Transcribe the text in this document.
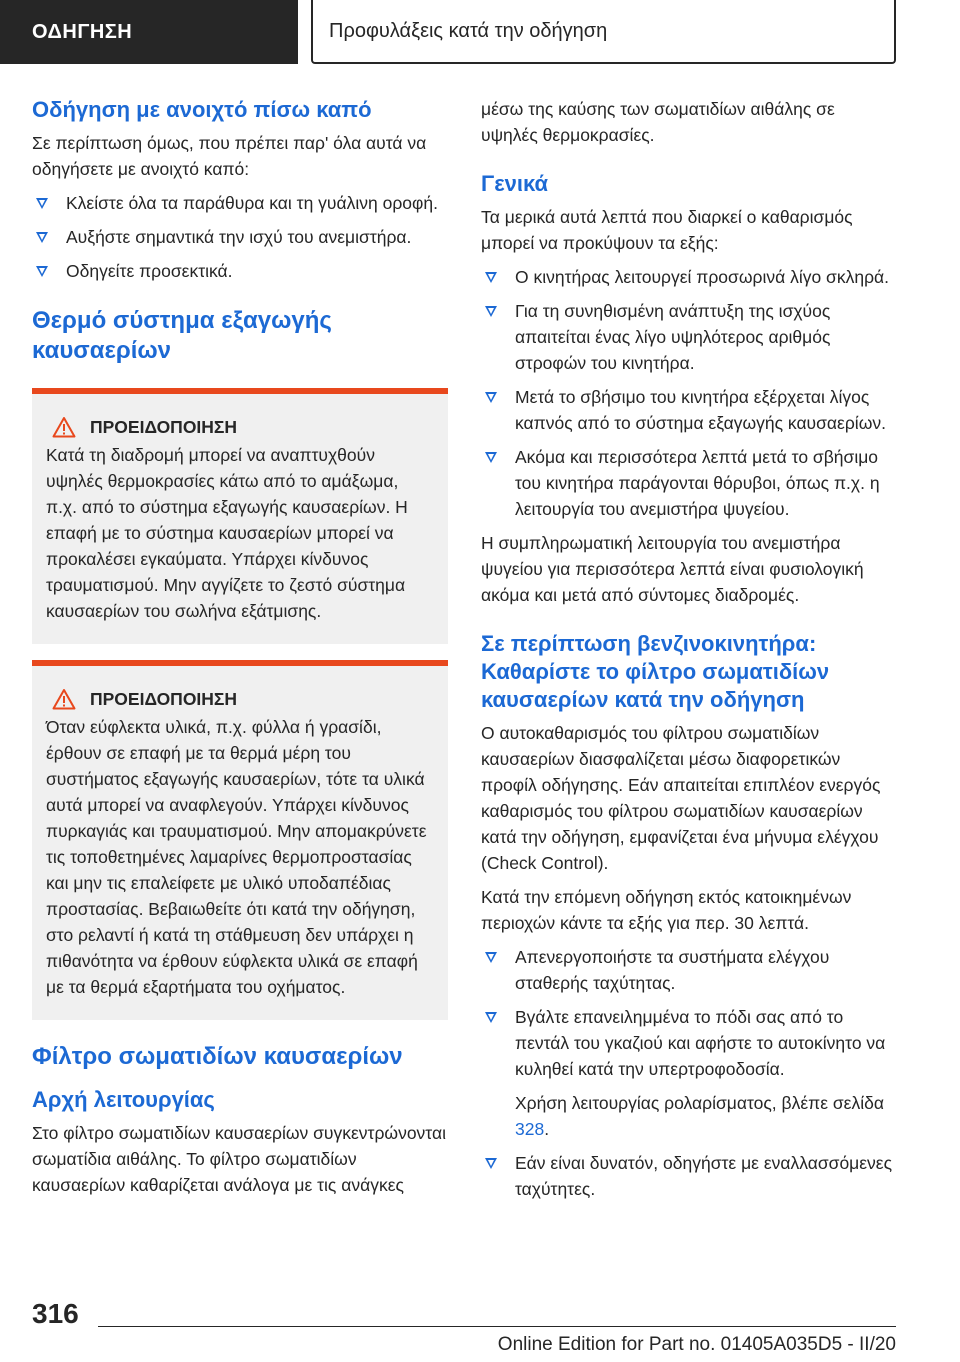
ΟΔΗΓΗΣΗ	Προφυλάξεις κατά την οδήγηση
Οδήγηση με ανοιχτό πίσω καπό

Σε περίπτωση όμως, που πρέπει παρ' όλα αυτά να οδηγήσετε με ανοιχτό καπό:

Κλείστε όλα τα παράθυρα και τη γυάλινη οροφή.
Αυξήστε σημαντικά την ισχύ του ανεμιστήρα.
Οδηγείτε προσεκτικά.
Θερμό σύστημα εξαγωγής καυσαερίων
ΠΡΟΕΙΔΟΠΟΙΗΣΗ

Κατά τη διαδρομή μπορεί να αναπτυχθούν υψηλές θερμοκρασίες κάτω από το αμάξωμα, π.χ. από το σύστημα εξαγωγής καυσαερίων. Η επαφή με το σύστημα καυσαερίων μπορεί να προκαλέσει εγκαύματα. Υπάρχει κίνδυνος τραυματισμού. Μην αγγίζετε το ζεστό σύστημα καυσαερίων του σωλήνα εξάτμισης.

ΠΡΟΕΙΔΟΠΟΙΗΣΗ

Όταν εύφλεκτα υλικά, π.χ. φύλλα ή γρασίδι, έρθουν σε επαφή με τα θερμά μέρη του συστήματος εξαγωγής καυσαερίων, τότε τα υλικά αυτά μπορεί να αναφλεγούν. Υπάρχει κίνδυνος πυρκαγιάς και τραυματισμού. Μην απομακρύνετε τις τοποθετημένες λαμαρίνες θερμοπροστασίας και μην τις επαλείφετε με υλικό υποδαπέδιας προστασίας. Βεβαιωθείτε ότι κατά την οδήγηση, στο ρελαντί ή κατά τη στάθμευση δεν υπάρχει η πιθανότητα να έρθουν εύφλεκτα υλικά σε επαφή με τα θερμά εξαρτήματα του οχήματος.

Φίλτρο σωματιδίων καυσαερίων
Αρχή λειτουργίας

Στο φίλτρο σωματιδίων καυσαερίων συγκεντρώνονται σωματίδια αιθάλης. Το φίλτρο σωματιδίων καυσαερίων καθαρίζεται ανάλογα με τις ανάγκες

μέσω της καύσης των σωματιδίων αιθάλης σε υψηλές θερμοκρασίες.

Γενικά

Τα μερικά αυτά λεπτά που διαρκεί ο καθαρισμός μπορεί να προκύψουν τα εξής:

Ο κινητήρας λειτουργεί προσωρινά λίγο σκληρά.
Για τη συνηθισμένη ανάπτυξη της ισχύος απαιτείται ένας λίγο υψηλότερος αριθμός στροφών του κινητήρα.
Μετά το σβήσιμο του κινητήρα εξέρχεται λίγος καπνός από το σύστημα εξαγωγής καυσαερίων.
Ακόμα και περισσότερα λεπτά μετά το σβήσιμο του κινητήρα παράγονται θόρυβοι, όπως π.χ. η λειτουργία του ανεμιστήρα ψυγείου.

Η συμπληρωματική λειτουργία του ανεμιστήρα ψυγείου για περισσότερα λεπτά είναι φυσιολογική ακόμα και μετά από σύντομες διαδρομές.

Σε περίπτωση βενζινοκινητήρα: Καθαρίστε το φίλτρο σωματιδίων καυσαερίων κατά την οδήγηση

Ο αυτοκαθαρισμός του φίλτρου σωματιδίων καυσαερίων διασφαλίζεται μέσω διαφορετικών προφίλ οδήγησης. Εάν απαιτείται επιπλέον ενεργός καθαρισμός του φίλτρου σωματιδίων καυσαερίων κατά την οδήγηση, εμφανίζεται ένα μήνυμα ελέγχου (Check Control).

Κατά την επόμενη οδήγηση εκτός κατοικημένων περιοχών κάντε τα εξής για περ. 30 λεπτά.

Απενεργοποιήστε τα συστήματα ελέγχου σταθερής ταχύτητας.
Βγάλτε επανειλημμένα το πόδι σας από το πεντάλ του γκαζιού και αφήστε το αυτοκίνητο να κυληθεί κατά την υπερτροφοδοσία.
Χρήση λειτουργίας ρολαρίσματος, βλέπε σελίδα 328.
Εάν είναι δυνατόν, οδηγήστε με εναλλασσόμενες ταχύτητες.
316
Online Edition for Part no. 01405A035D5 - II/20
